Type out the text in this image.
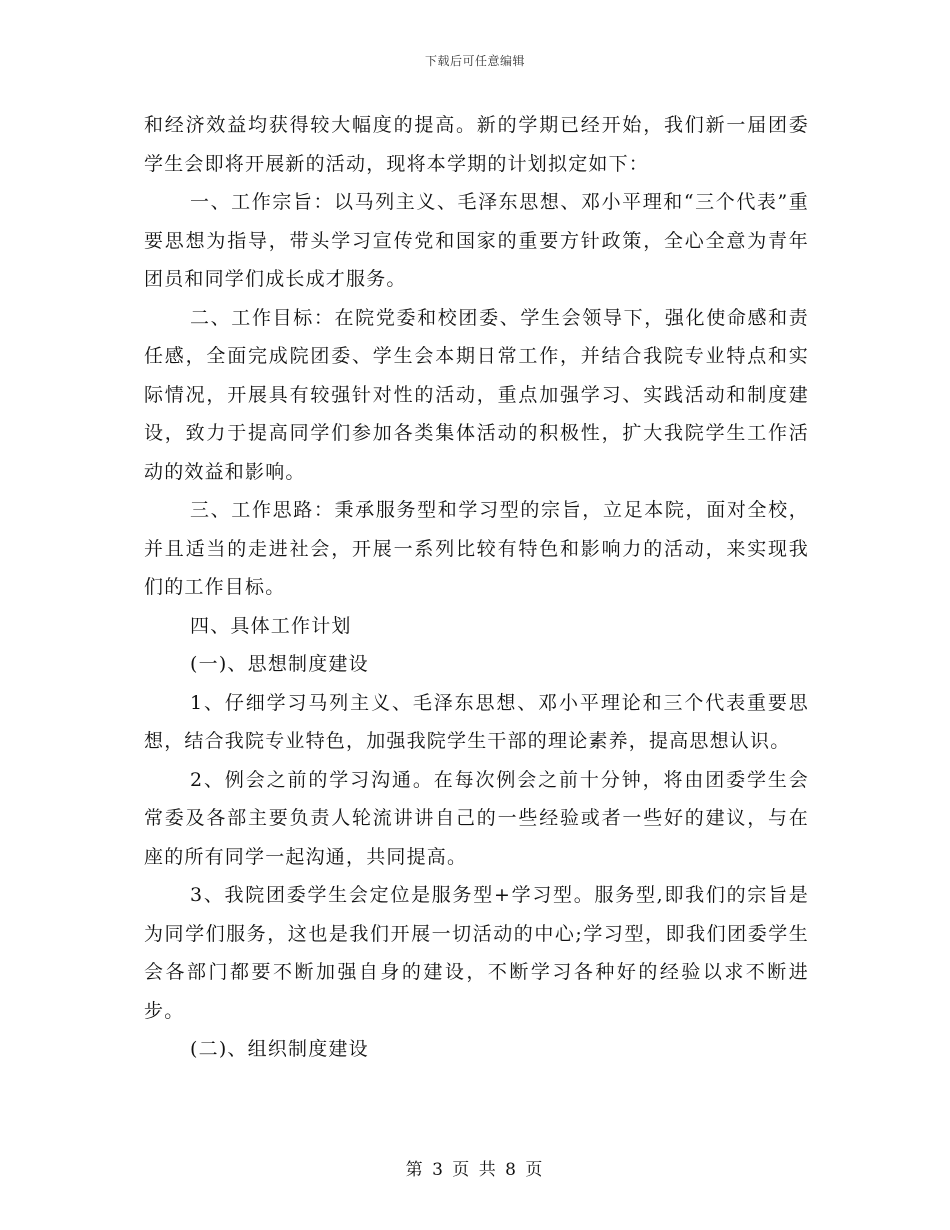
下载后可任意编辑

和经济效益均获得较大幅度的提高。新的学期已经开始，我们新一届团委学生会即将开展新的活动，现将本学期的计划拟定如下：

一、工作宗旨：以马列主义、毛泽东思想、邓小平理和“三个代表”重要思想为指导，带头学习宣传党和国家的重要方针政策，全心全意为青年团员和同学们成长成才服务。

二、工作目标：在院党委和校团委、学生会领导下，强化使命感和责任感，全面完成院团委、学生会本期日常工作，并结合我院专业特点和实际情况，开展具有较强针对性的活动，重点加强学习、实践活动和制度建设，致力于提高同学们参加各类集体活动的积极性，扩大我院学生工作活动的效益和影响。

三、工作思路：秉承服务型和学习型的宗旨，立足本院，面对全校，并且适当的走进社会，开展一系列比较有特色和影响力的活动，来实现我们的工作目标。

四、具体工作计划

(一)、思想制度建设

1、仔细学习马列主义、毛泽东思想、邓小平理论和三个代表重要思想，结合我院专业特色，加强我院学生干部的理论素养，提高思想认识。

2、例会之前的学习沟通。在每次例会之前十分钟，将由团委学生会常委及各部主要负责人轮流讲讲自己的一些经验或者一些好的建议，与在座的所有同学一起沟通，共同提高。

3、我院团委学生会定位是服务型+学习型。服务型,即我们的宗旨是为同学们服务，这也是我们开展一切活动的中心;学习型，即我们团委学生会各部门都要不断加强自身的建设，不断学习各种好的经验以求不断进步。

(二)、组织制度建设

第 3 页 共 8 页
